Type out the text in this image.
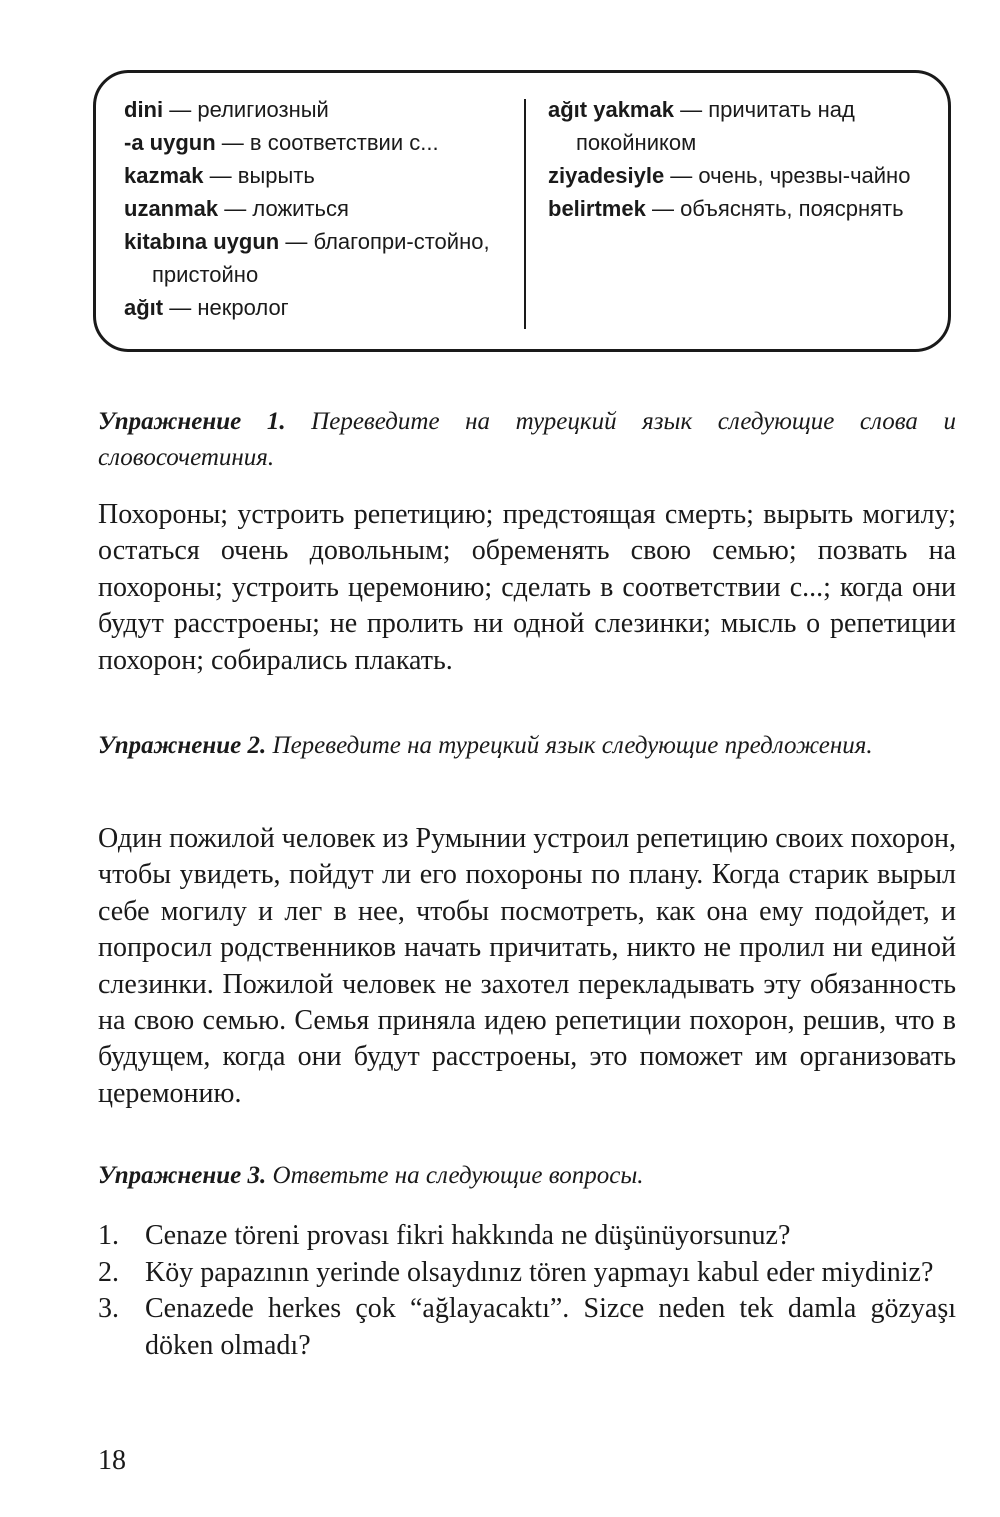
dini — религиозный
-a uygun — в соответствии с...
kazmak — вырыть
uzanmak — ложиться
kitabına uygun — благопри-стойно, пристойно
ağıt — некролог
ağıt yakmak — причитать над покойником
ziyadesiyle — очень, чрезвы-чайно
belirtmek — объяснять, поясрнять
Упражнение 1. Переведите на турецкий язык следующие слова и словосочетиния.

Похороны; устроить репетицию; предстоящая смерть; вырыть могилу; остаться очень довольным; обременять свою семью; позвать на похороны; устроить церемонию; сделать в соответствии с...; когда они будут расстроены; не пролить ни одной слезинки; мысль о репетиции похорон; собирались плакать.

Упражнение 2. Переведите на турецкий язык следующие предложения.

Один пожилой человек из Румынии устроил репетицию своих похорон, чтобы увидеть, пойдут ли его похороны по плану. Когда старик вырыл себе могилу и лег в нее, чтобы посмотреть, как она ему подойдет, и попросил родственников начать причитать, никто не пролил ни единой слезинки. Пожилой человек не захотел перекладывать эту обязанность на свою семью. Семья приняла идею репетиции похорон, решив, что в будущем, когда они будут расстроены, это поможет им организовать церемонию.

Упражнение 3. Ответьте на следующие вопросы.
1. Cenaze töreni provası fikri hakkında ne düşünüyorsunuz?
2. Köy papazının yerinde olsaydınız tören yapmayı kabul eder miydiniz?
3. Cenazede herkes çok “ağlayacaktı”. Sizce neden tek damla gözyaşı döken olmadı?
18
